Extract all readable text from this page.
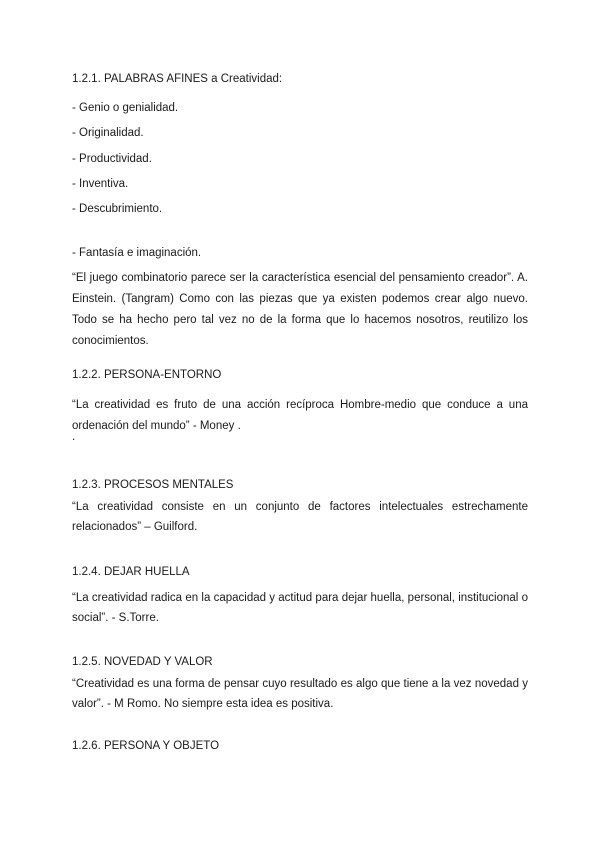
1.2.1. PALABRAS AFINES a Creatividad:
- Genio o genialidad.
- Originalidad.
- Productividad.
- Inventiva.
- Descubrimiento.
- Fantasía e imaginación.
“El juego combinatorio parece ser la característica esencial del pensamiento creador”. A. Einstein. (Tangram) Como con las piezas que ya existen podemos crear algo nuevo. Todo se ha hecho pero tal vez no de la forma que lo hacemos nosotros, reutilizo los conocimientos.
1.2.2. PERSONA-ENTORNO
“La creatividad es fruto de una acción recíproca Hombre-medio que conduce a una ordenación del mundo” - Money .
.
1.2.3. PROCESOS MENTALES
“La creatividad consiste en un conjunto de factores intelectuales estrechamente relacionados” – Guilford.
1.2.4. DEJAR HUELLA
“La creatividad radica en la capacidad y actitud para dejar huella, personal, institucional o social”. - S.Torre.
1.2.5. NOVEDAD Y VALOR
“Creatividad es una forma de pensar cuyo resultado es algo que tiene a la vez novedad y valor”. - M Romo. No siempre esta idea es positiva.
1.2.6. PERSONA Y OBJETO
